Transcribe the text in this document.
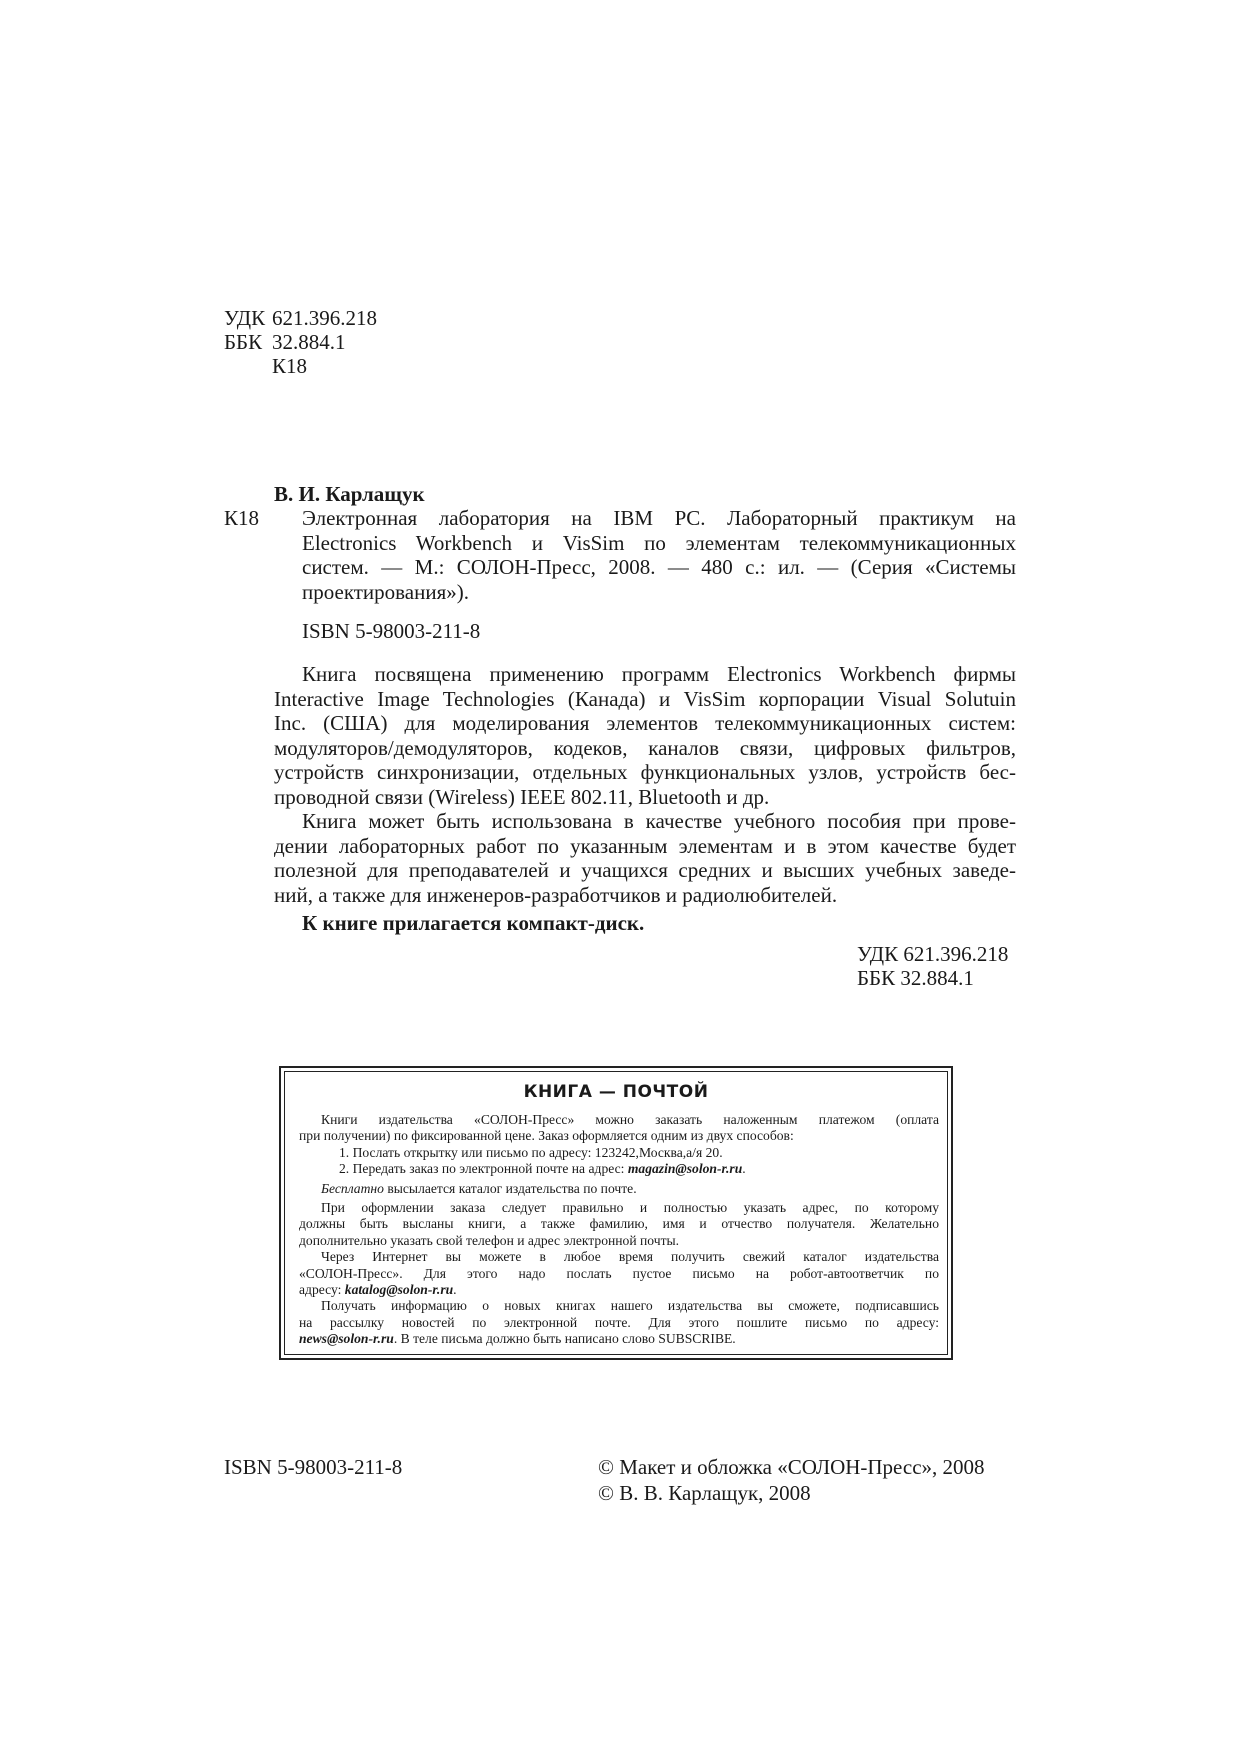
УДК 621.396.218
ББК 32.884.1
К18
В. И. Карлащук
К18 Электронная лаборатория на IBM PC. Лабораторный практикум на
Electronics Workbench и VisSim по элементам телекоммуникационных
систем. — М.: СОЛОН-Пресс, 2008. — 480 с.: ил. — (Серия «Системы
проектирования»).
ISBN 5-98003-211-8
Книга посвящена применению программ Electronics Workbench фирмы
Interactive Image Technologies (Канада) и VisSim корпорации Visual Solutuin
Inc. (США) для моделирования элементов телекоммуникационных систем:
модуляторов/демодуляторов, кодеков, каналов связи, цифровых фильтров,
устройств синхронизации, отдельных функциональных узлов, устройств бес-
проводной связи (Wireless) IEEE 802.11, Bluetooth и др.
Книга может быть использована в качестве учебного пособия при прове-
дении лабораторных работ по указанным элементам и в этом качестве будет
полезной для преподавателей и учащихся средних и высших учебных заведе-
ний, а также для инженеров-разработчиков и радиолюбителей.
К книге прилагается компакт-диск.
УДК 621.396.218
ББК 32.884.1
КНИГА — ПОЧТОЙ
Книги издательства «СОЛОН-Пресс» можно заказать наложенным платежом (оплата
при получении) по фиксированной цене. Заказ оформляется одним из двух способов:
1. Послать открытку или письмо по адресу: 123242,Москва,а/я 20.
2. Передать заказ по электронной почте на адрес: magazin@solon-r.ru.
Бесплатно высылается каталог издательства по почте.
При оформлении заказа следует правильно и полностью указать адрес, по которому
должны быть высланы книги, а также фамилию, имя и отчество получателя. Желательно
дополнительно указать свой телефон и адрес электронной почты.
Через Интернет вы можете в любое время получить свежий каталог издательства
«СОЛОН-Пресс». Для этого надо послать пустое письмо на робот-автоответчик по
адресу: katalog@solon-r.ru.
Получать информацию о новых книгах нашего издательства вы сможете, подписавшись
на рассылку новостей по электронной почте. Для этого пошлите письмо по адресу:
news@solon-r.ru. В теле письма должно быть написано слово SUBSCRIBE.
ISBN 5-98003-211-8	© Макет и обложка «СОЛОН-Пресс», 2008
© В. В. Карлащук, 2008
